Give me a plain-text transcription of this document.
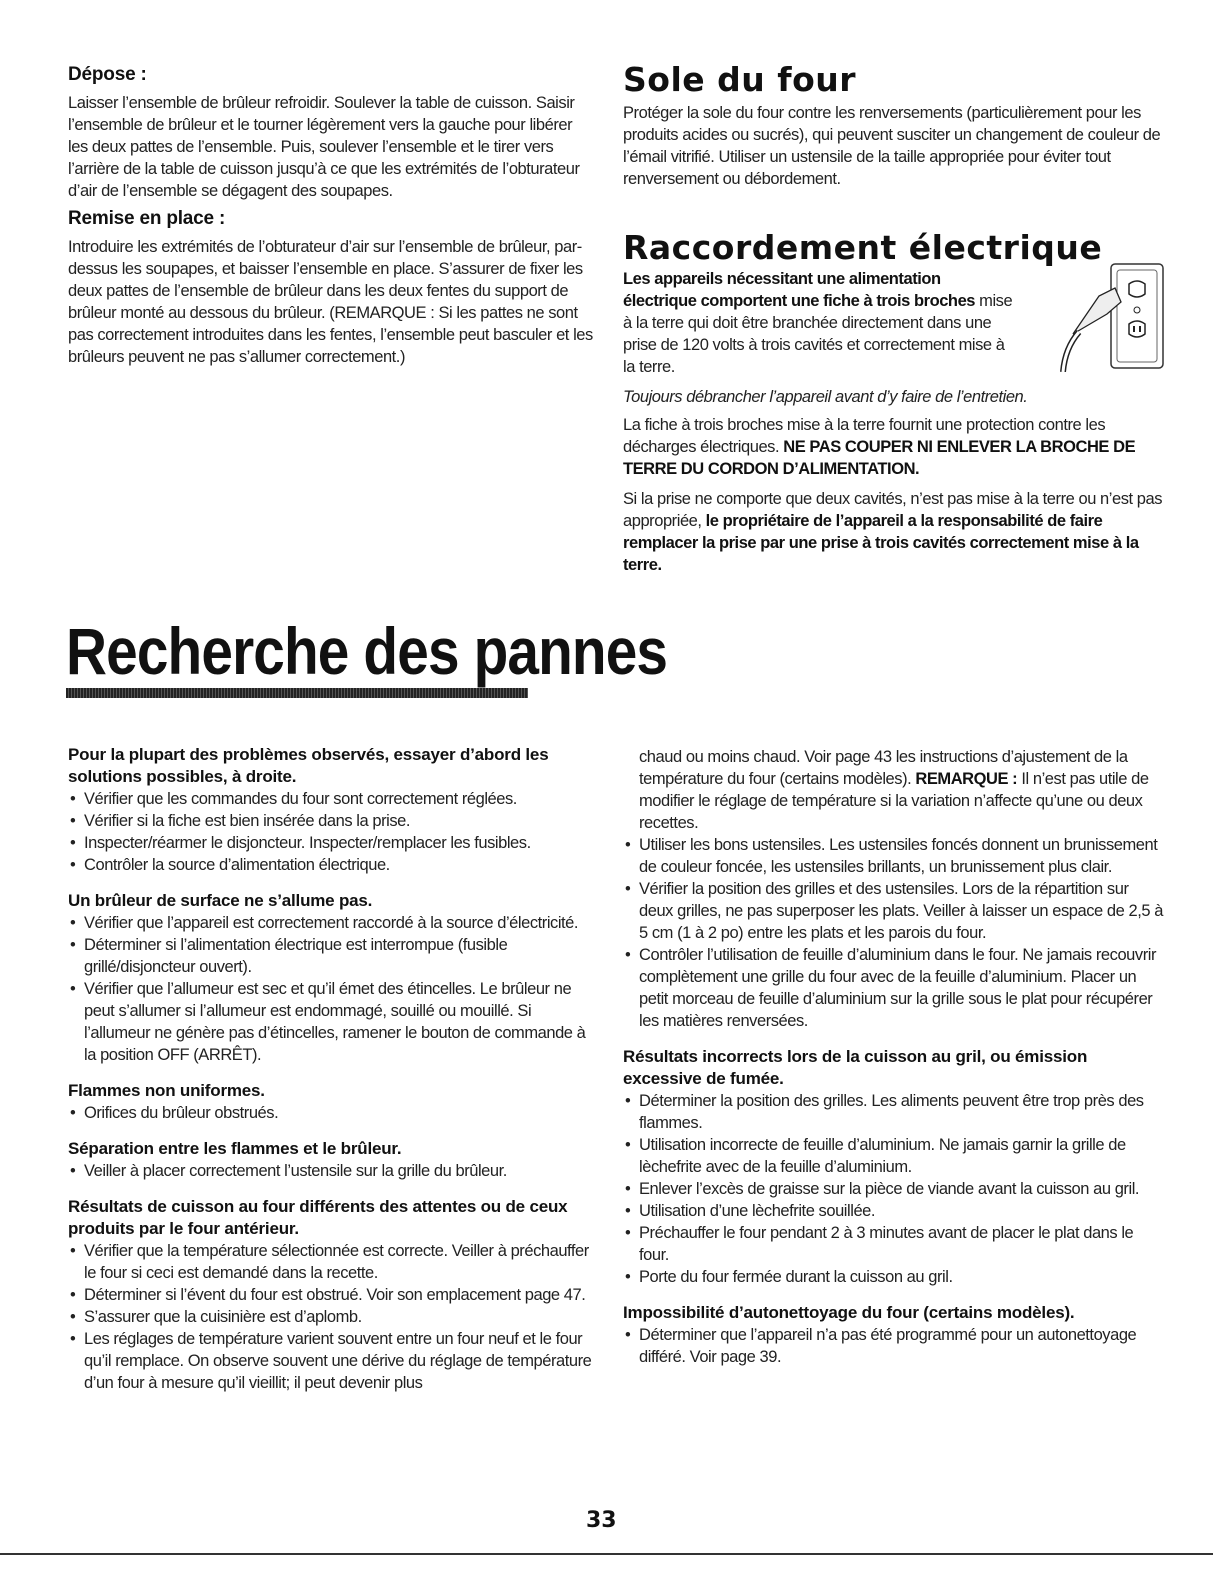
Dépose :

Laisser l’ensemble de brûleur refroidir. Soulever la table de cuisson. Saisir l’ensemble de brûleur et le tourner légèrement vers la gauche pour libérer les deux pattes de l’ensemble. Puis, soulever l’ensemble et le tirer vers l’arrière de la table de cuisson jusqu’à ce que les extrémités de l’obturateur d’air de l’ensemble se dégagent des soupapes.

Remise en place :

Introduire les extrémités de l’obturateur d’air sur l’ensemble de brûleur, par-dessus les soupapes, et baisser l’ensemble en place. S’assurer de fixer les deux pattes de l’ensemble de brûleur dans les deux fentes du support de brûleur monté au dessous du brûleur. (REMARQUE : Si les pattes ne sont pas correctement introduites dans les fentes, l’ensemble peut basculer et les brûleurs peuvent ne pas s’allumer correctement.)

Sole du four

Protéger la sole du four contre les renversements (particulièrement pour les produits acides ou sucrés), qui peuvent susciter un changement de couleur de l’émail vitrifié. Utiliser un ustensile de la taille appropriée pour éviter tout renversement ou débordement.

Raccordement électrique

Les appareils nécessitant une alimentation électrique comportent une fiche à trois broches mise à la terre qui doit être branchée directement dans une prise de 120 volts à trois cavités et correctement mise à la terre.

Toujours débrancher l’appareil avant d’y faire de l’entretien.

La fiche à trois broches mise à la terre fournit une protection contre les décharges électriques. NE PAS COUPER NI ENLEVER LA BROCHE DE TERRE DU CORDON D’ALIMENTATION.

Si la prise ne comporte que deux cavités, n’est pas mise à la terre ou n’est pas appropriée, le propriétaire de l’appareil a la responsabilité de faire remplacer la prise par une prise à trois cavités correctement mise à la terre.

Recherche des pannes

Pour la plupart des problèmes observés, essayer d’abord les solutions possibles, à droite.

• Vérifier que les commandes du four sont correctement réglées.
• Vérifier si la fiche est bien insérée dans la prise.
• Inspecter/réarmer le disjoncteur. Inspecter/remplacer les fusibles.
• Contrôler la source d’alimentation électrique.

Un brûleur de surface ne s’allume pas.

• Vérifier que l’appareil est correctement raccordé à la source d’électricité.
• Déterminer si l’alimentation électrique est interrompue (fusible grillé/disjoncteur ouvert).
• Vérifier que l’allumeur est sec et qu’il émet des étincelles. Le brûleur ne peut s’allumer si l’allumeur est endommagé, souillé ou mouillé. Si l’allumeur ne génère pas d’étincelles, ramener le bouton de commande à la position OFF (ARRÊT).

Flammes non uniformes.

• Orifices du brûleur obstrués.

Séparation entre les flammes et le brûleur.

• Veiller à placer correctement l’ustensile sur la grille du brûleur.

Résultats de cuisson au four différents des attentes ou de ceux produits par le four antérieur.

• Vérifier que la température sélectionnée est correcte. Veiller à préchauffer le four si ceci est demandé dans la recette.
• Déterminer si l’évent du four est obstrué. Voir son emplacement page 47.
• S’assurer que la cuisinière est d’aplomb.
• Les réglages de température varient souvent entre un four neuf et le four qu’il remplace. On observe souvent une dérive du réglage de température d’un four à mesure qu’il vieillit; il peut devenir plus

chaud ou moins chaud. Voir page 43 les instructions d’ajustement de la température du four (certains modèles). REMARQUE : Il n’est pas utile de modifier le réglage de température si la variation n’affecte qu’une ou deux recettes.

• Utiliser les bons ustensiles. Les ustensiles foncés donnent un brunissement de couleur foncée, les ustensiles brillants, un brunissement plus clair.
• Vérifier la position des grilles et des ustensiles. Lors de la répartition sur deux grilles, ne pas superposer les plats. Veiller à laisser un espace de 2,5 à 5 cm (1 à 2 po) entre les plats et les parois du four.
• Contrôler l’utilisation de feuille d’aluminium dans le four. Ne jamais recouvrir complètement une grille du four avec de la feuille d’aluminium. Placer un petit morceau de feuille d’aluminium sur la grille sous le plat pour récupérer les matières renversées.

Résultats incorrects lors de la cuisson au gril, ou émission excessive de fumée.

• Déterminer la position des grilles. Les aliments peuvent être trop près des flammes.
• Utilisation incorrecte de feuille d’aluminium. Ne jamais garnir la grille de lèchefrite avec de la feuille d’aluminium.
• Enlever l’excès de graisse sur la pièce de viande avant la cuisson au gril.
• Utilisation d’une lèchefrite souillée.
• Préchauffer le four pendant 2 à 3 minutes avant de placer le plat dans le four.
• Porte du four fermée durant la cuisson au gril.

Impossibilité d’autonettoyage du four (certains modèles).

• Déterminer que l’appareil n’a pas été programmé pour un autonettoyage différé. Voir page 39.

33
